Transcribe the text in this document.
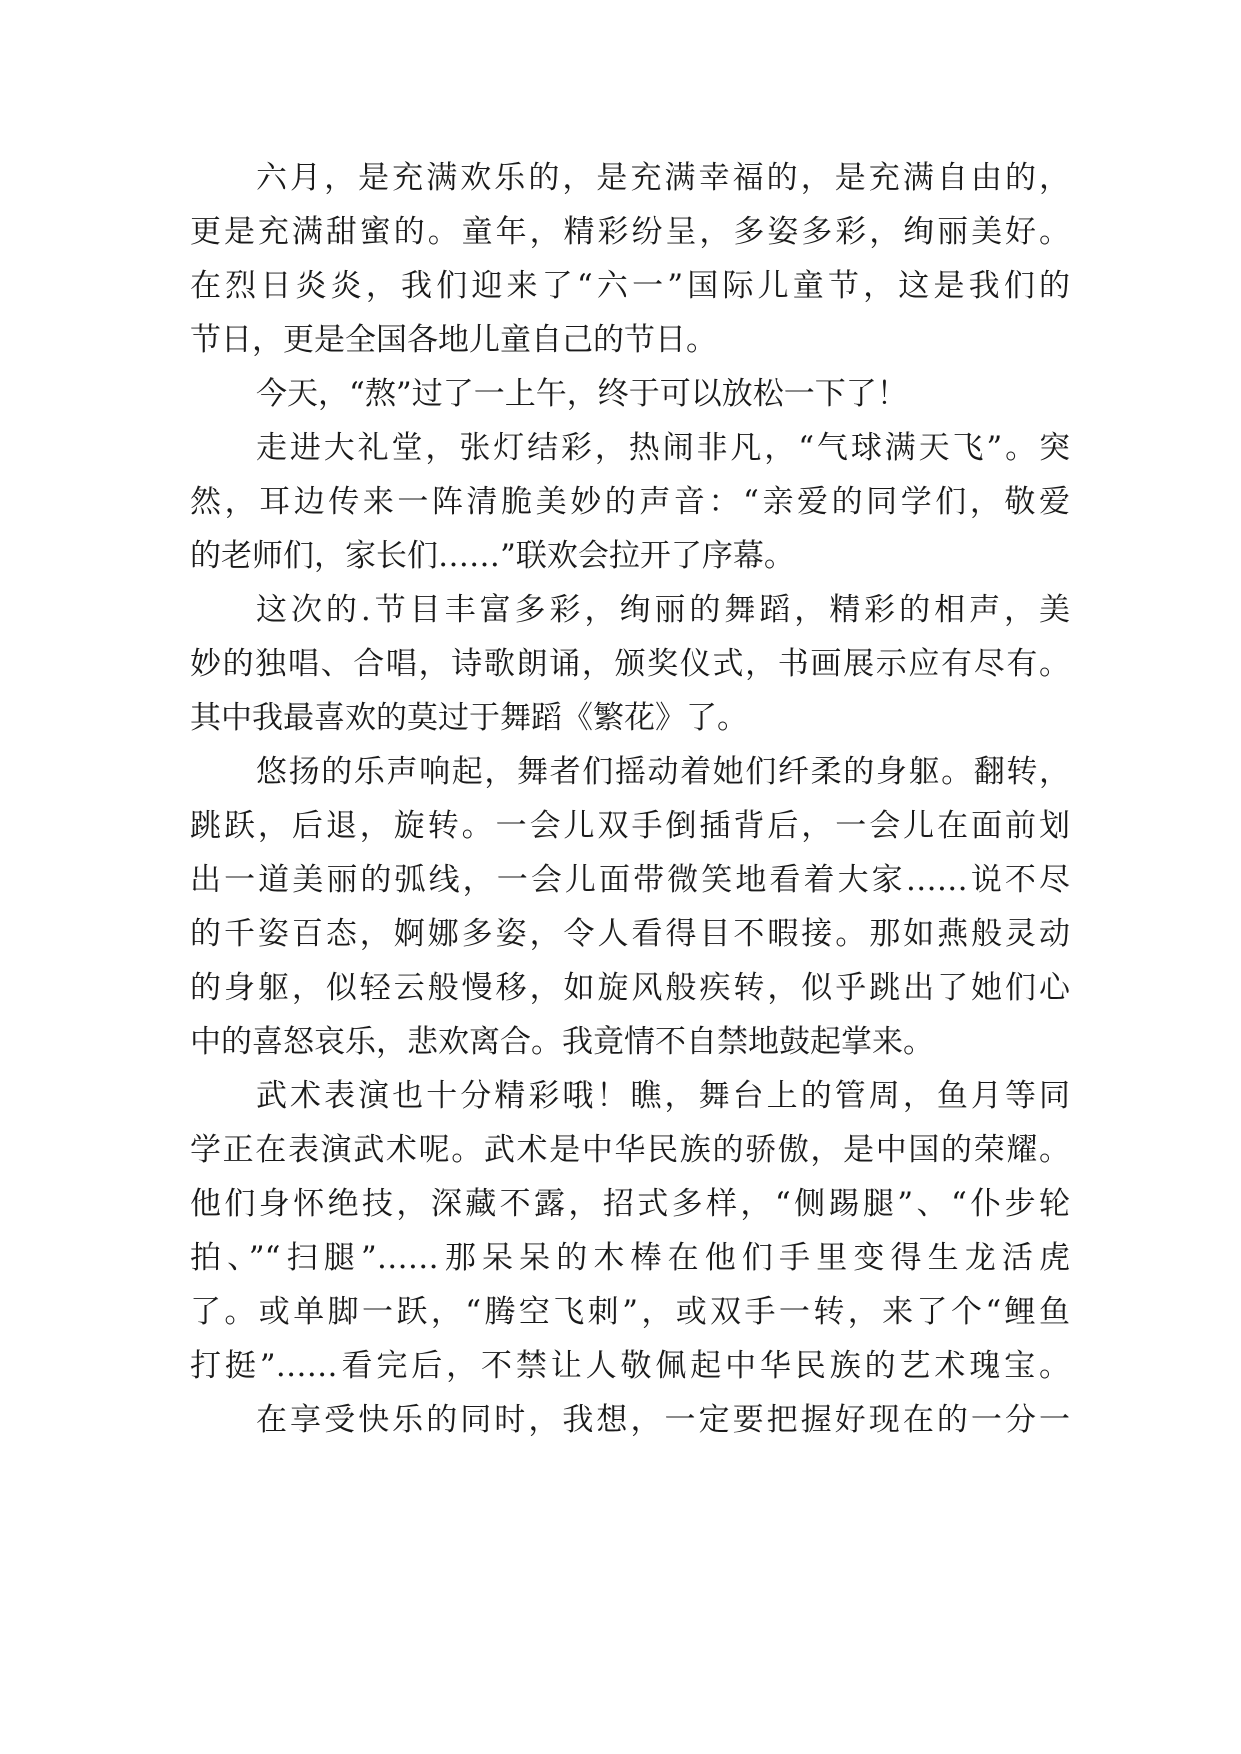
六月，是充满欢乐的，是充满幸福的，是充满自由的，
更是充满甜蜜的。童年，精彩纷呈，多姿多彩，绚丽美好。
在烈日炎炎，我们迎来了“六一”国际儿童节，这是我们的
节日，更是全国各地儿童自己的节日。
今天，“熬”过了一上午，终于可以放松一下了！
走进大礼堂，张灯结彩，热闹非凡，“气球满天飞”。突
然，耳边传来一阵清脆美妙的声音：“亲爱的同学们，敬爱
的老师们，家长们……”联欢会拉开了序幕。
这次的.节目丰富多彩，绚丽的舞蹈，精彩的相声，美
妙的独唱、合唱，诗歌朗诵，颁奖仪式，书画展示应有尽有。
其中我最喜欢的莫过于舞蹈《繁花》了。
悠扬的乐声响起，舞者们摇动着她们纤柔的身躯。翻转，
跳跃，后退，旋转。一会儿双手倒插背后，一会儿在面前划
出一道美丽的弧线，一会儿面带微笑地看着大家……说不尽
的千姿百态，婀娜多姿，令人看得目不暇接。那如燕般灵动
的身躯，似轻云般慢移，如旋风般疾转，似乎跳出了她们心
中的喜怒哀乐，悲欢离合。我竟情不自禁地鼓起掌来。
武术表演也十分精彩哦！瞧，舞台上的管周，鱼月等同
学正在表演武术呢。武术是中华民族的骄傲，是中国的荣耀。
他们身怀绝技，深藏不露，招式多样，“侧踢腿”、“仆步轮
拍、”“扫腿”……那呆呆的木棒在他们手里变得生龙活虎
了。或单脚一跃，“腾空飞刺”，或双手一转，来了个“鲤鱼
打挺”……看完后，不禁让人敬佩起中华民族的艺术瑰宝。
在享受快乐的同时，我想，一定要把握好现在的一分一
